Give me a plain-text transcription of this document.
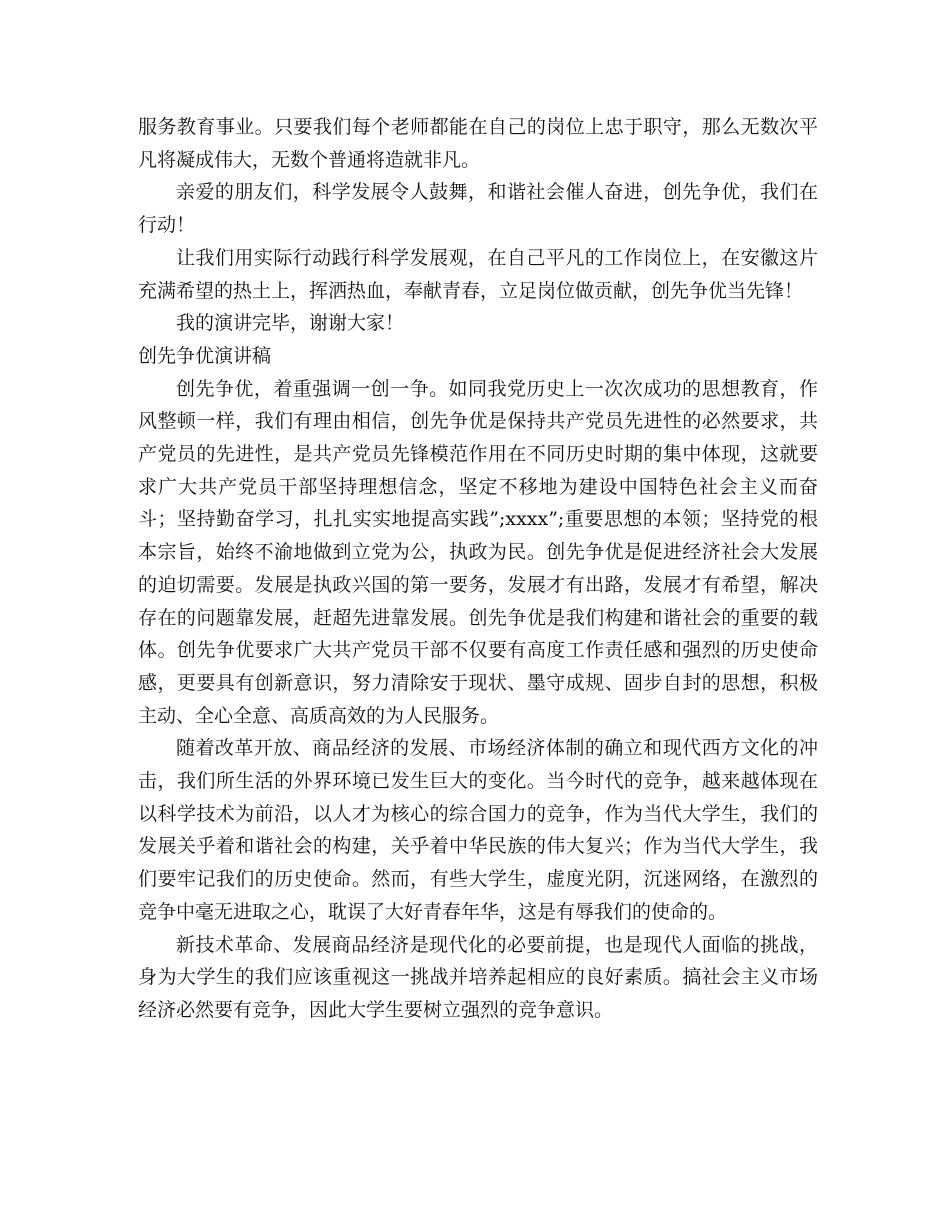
服务教育事业。只要我们每个老师都能在自己的岗位上忠于职守，那么无数次平凡将凝成伟大，无数个普通将造就非凡。

亲爱的朋友们，科学发展令人鼓舞，和谐社会催人奋进，创先争优，我们在行动！

让我们用实际行动践行科学发展观，在自己平凡的工作岗位上，在安徽这片充满希望的热土上，挥洒热血，奉献青春，立足岗位做贡献，创先争优当先锋！

我的演讲完毕，谢谢大家！

创先争优演讲稿

创先争优，着重强调一创一争。如同我党历史上一次次成功的思想教育，作风整顿一样，我们有理由相信，创先争优是保持共产党员先进性的必然要求，共产党员的先进性，是共产党员先锋模范作用在不同历史时期的集中体现，这就要求广大共产党员干部坚持理想信念，坚定不移地为建设中国特色社会主义而奋斗；坚持勤奋学习，扎扎实实地提高实践”;xxxx”;重要思想的本领；坚持党的根本宗旨，始终不渝地做到立党为公，执政为民。创先争优是促进经济社会大发展的迫切需要。发展是执政兴国的第一要务，发展才有出路，发展才有希望，解决存在的问题靠发展，赶超先进靠发展。创先争优是我们构建和谐社会的重要的载体。创先争优要求广大共产党员干部不仅要有高度工作责任感和强烈的历史使命感，更要具有创新意识，努力清除安于现状、墨守成规、固步自封的思想，积极主动、全心全意、高质高效的为人民服务。

随着改革开放、商品经济的发展、市场经济体制的确立和现代西方文化的冲击，我们所生活的外界环境已发生巨大的变化。当今时代的竞争，越来越体现在以科学技术为前沿，以人才为核心的综合国力的竞争，作为当代大学生，我们的发展关乎着和谐社会的构建，关乎着中华民族的伟大复兴；作为当代大学生，我们要牢记我们的历史使命。然而，有些大学生，虚度光阴，沉迷网络，在激烈的竞争中毫无进取之心，耽误了大好青春年华，这是有辱我们的使命的。

新技术革命、发展商品经济是现代化的必要前提，也是现代人面临的挑战，身为大学生的我们应该重视这一挑战并培养起相应的良好素质。搞社会主义市场经济必然要有竞争，因此大学生要树立强烈的竞争意识。
